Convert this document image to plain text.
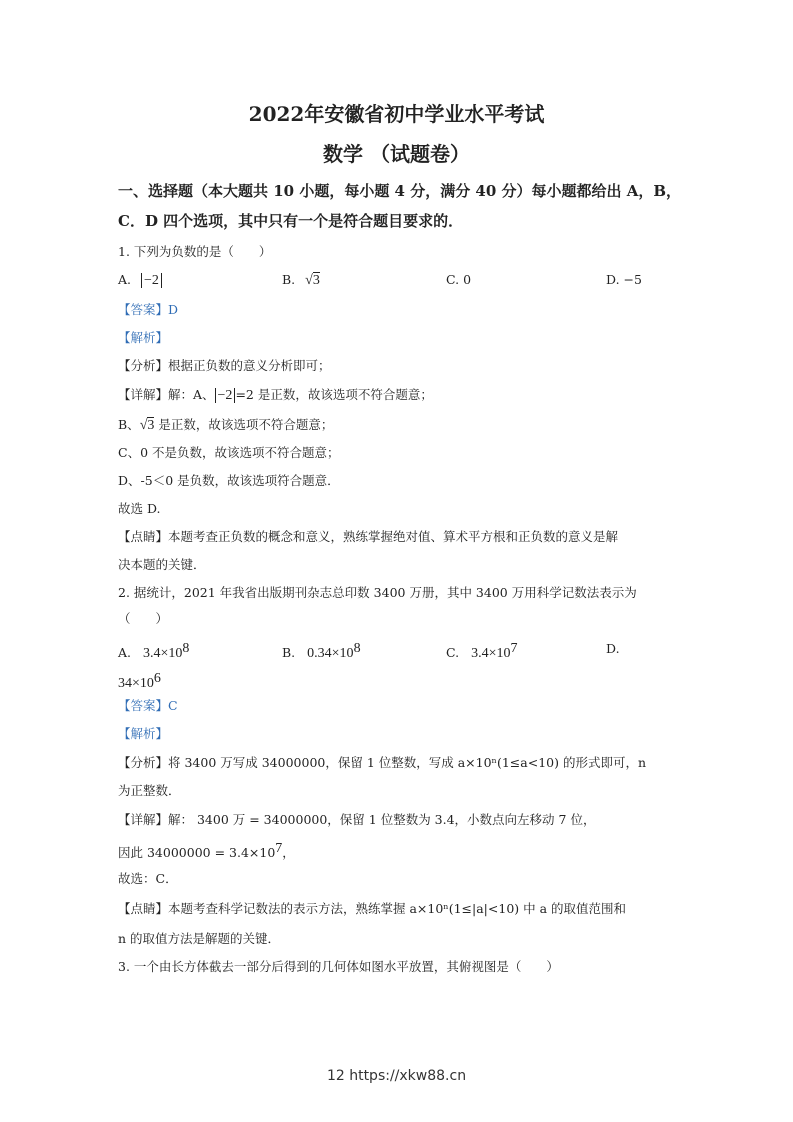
2022年安徽省初中学业水平考试
数学 （试题卷）
一、选择题（本大题共 10 小题，每小题 4 分，满分 40 分）每小题都给出 A，B，
C．D 四个选项，其中只有一个是符合题目要求的．
1. 下列为负数的是（　　）
A. −2	B. √3	C. 0	D. −5
【答案】D
【解析】
【分析】根据正负数的意义分析即可；
【详解】解：A、 −2 =2 是正数，故该选项不符合题意；
B、√3 是正数，故该选项不符合题意；
C、0 不是负数，故该选项不符合题意；
D、-5＜0 是负数，故该选项符合题意．
故选 D.
【点睛】本题考查正负数的概念和意义，熟练掌握绝对值、算术平方根和正负数的意义是解
决本题的关键．
2. 据统计，2021 年我省出版期刊杂志总印数 3400 万册，其中 3400 万用科学记数法表示为
（　　）
A. $3.4\times 10^8$	B. $0.34\times 10^8$	C. $3.4\times 10^7$	D.
$34\times 10^6$
【答案】C
【解析】
【分析】将 3400 万写成 34000000，保留 1 位整数，写成 a×10ⁿ(1≤a<10) 的形式即可，n
为正整数．
【详解】解： 3400 万 = 34000000，保留 1 位整数为 3.4，小数点向左移动 7 位，
因此 $34000000 = 3.4\times 10^7$，
故选：C．
【点睛】本题考查科学记数法的表示方法，熟练掌握 a×10ⁿ(1≤|a|<10) 中 a 的取值范围和
n 的取值方法是解题的关键．
3. 一个由长方体截去一部分后得到的几何体如图水平放置，其俯视图是（　　）
12 https://xkw88.cn
